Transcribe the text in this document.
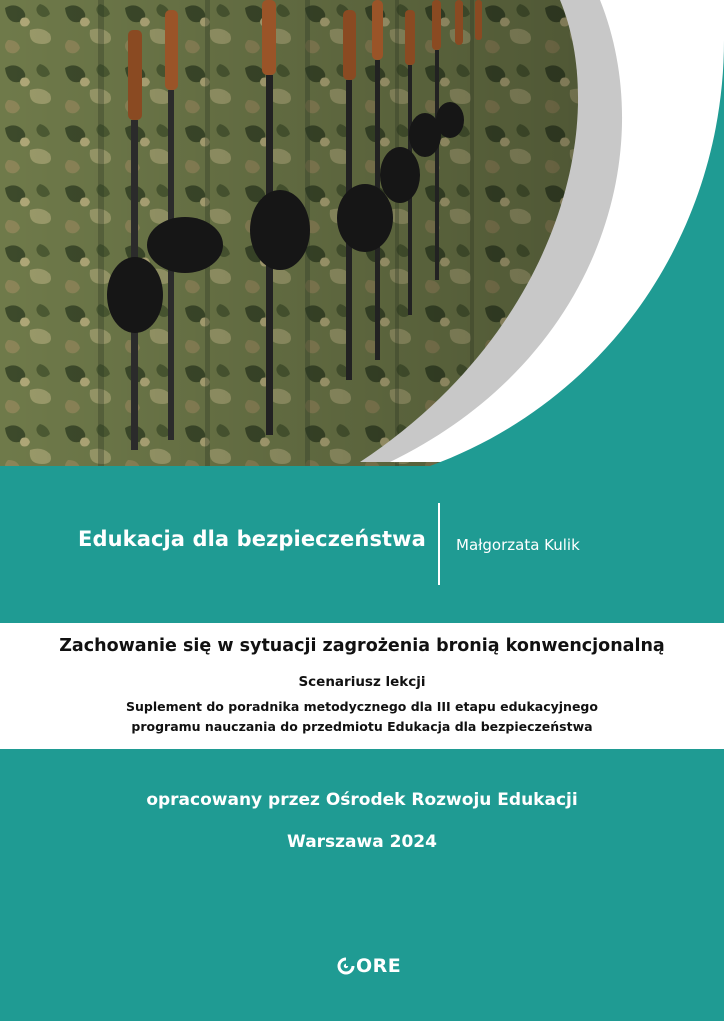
Edukacja dla bezpieczeństwa Małgorzata Kulik
Zachowanie się w sytuacji zagrożenia bronią konwencjonalną
Scenariusz lekcji
Suplement do poradnika metodycznego dla III etapu edukacyjnego
programu nauczania do przedmiotu Edukacja dla bezpieczeństwa
opracowany przez Ośrodek Rozwoju Edukacji
Warszawa 2024
ORE
